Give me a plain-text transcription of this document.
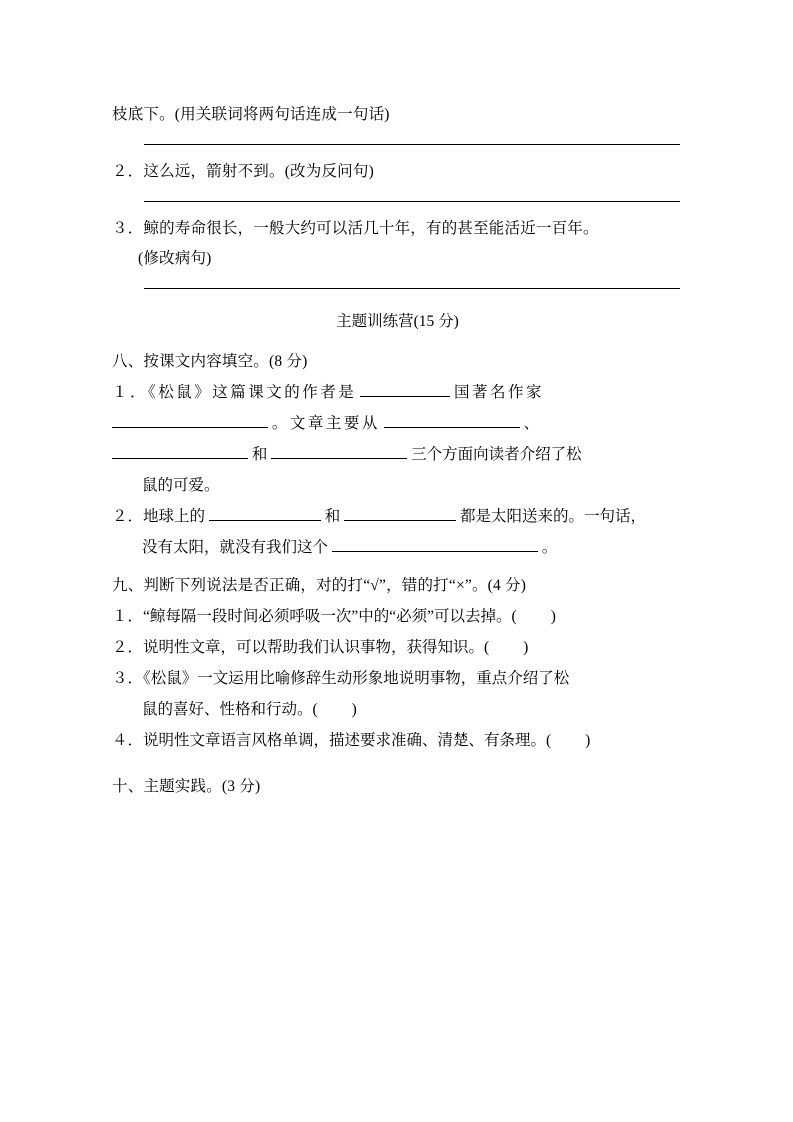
枝底下。(用关联词将两句话连成一句话)
２．这么远，箭射不到。(改为反问句)
３．鲸的寿命很长，一般大约可以活几十年，有的甚至能活近一百年。
(修改病句)
主题训练营(15 分)
八、按课文内容填空。(8 分)
１．《松鼠》这篇课文的作者是	国著名作家
。文章主要从	、
和	三个方面向读者介绍了松
鼠的可爱。
２．地球上的	和	都是太阳送来的。一句话，
没有太阳，就没有我们这个	。
九、判断下列说法是否正确，对的打“√”，错的打“×”。(4 分)
１．“鲸每隔一段时间必须呼吸一次”中的“必须”可以去掉。( )
２．说明性文章，可以帮助我们认识事物，获得知识。( )
３．《松鼠》一文运用比喻修辞生动形象地说明事物，重点介绍了松
鼠的喜好、性格和行动。( )
４．说明性文章语言风格单调，描述要求准确、清楚、有条理。( )
十、主题实践。(3 分)
